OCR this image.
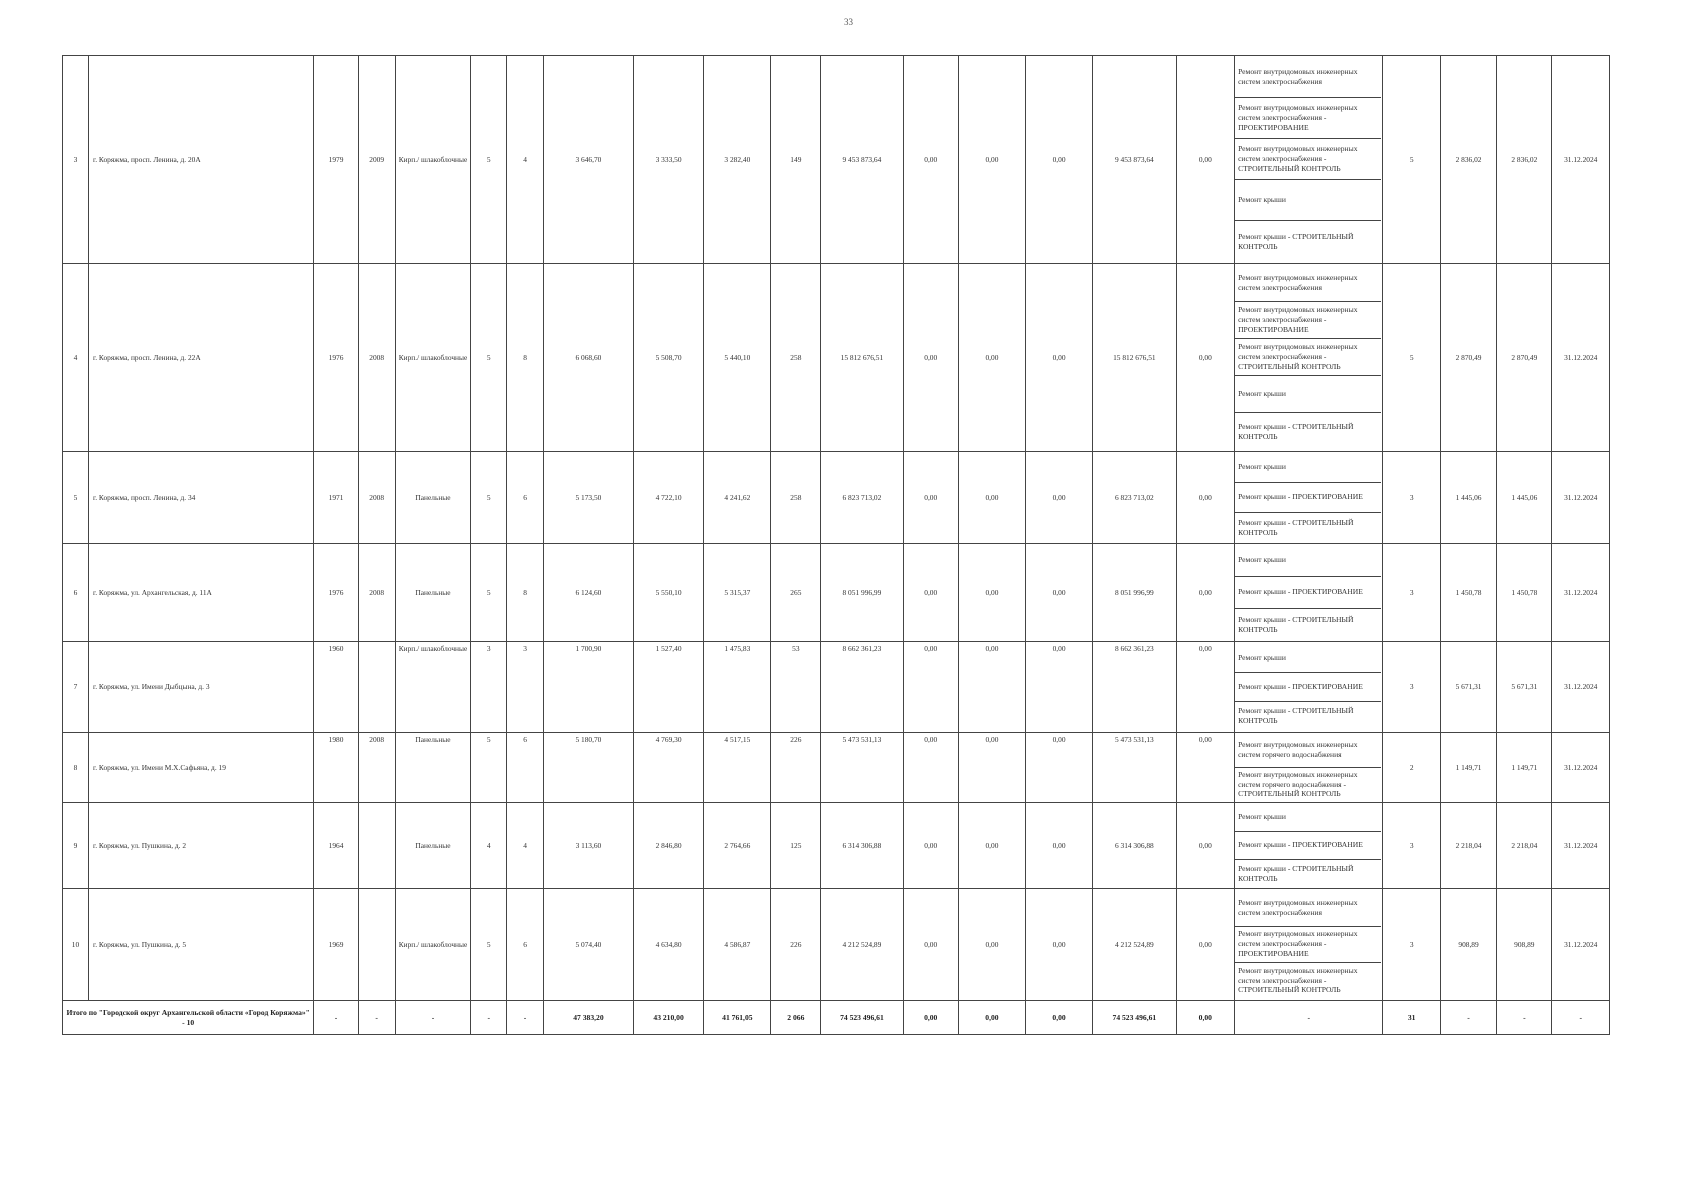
33
3	г. Коряжма, просп. Ленина, д. 20А	1979	2009	Кирп./ шлакоблочные	5	4	3 646,70	3 333,50	3 282,40	149	9 453 873,64	0,00	0,00	0,00	9 453 873,64	0,00	Ремонт внутридомовых инженерных систем электроснабжения
Ремонт внутридомовых инженерных систем электроснабжения - ПРОЕКТИРОВАНИЕ
Ремонт внутридомовых инженерных систем электроснабжения - СТРОИТЕЛЬНЫЙ КОНТРОЛЬ
Ремонт крыши
Ремонт крыши - СТРОИТЕЛЬНЫЙ КОНТРОЛЬ	5	2 836,02	2 836,02	31.12.2024
4	г. Коряжма, просп. Ленина, д. 22А	1976	2008	Кирп./ шлакоблочные	5	8	6 068,60	5 508,70	5 440,10	258	15 812 676,51	0,00	0,00	0,00	15 812 676,51	0,00	Ремонт внутридомовых инженерных систем электроснабжения
Ремонт внутридомовых инженерных систем электроснабжения - ПРОЕКТИРОВАНИЕ
Ремонт внутридомовых инженерных систем электроснабжения - СТРОИТЕЛЬНЫЙ КОНТРОЛЬ
Ремонт крыши
Ремонт крыши - СТРОИТЕЛЬНЫЙ КОНТРОЛЬ	5	2 870,49	2 870,49	31.12.2024
5	г. Коряжма, просп. Ленина, д. 34	1971	2008	Панельные	5	6	5 173,50	4 722,10	4 241,62	258	6 823 713,02	0,00	0,00	0,00	6 823 713,02	0,00	Ремонт крыши
Ремонт крыши - ПРОЕКТИРОВАНИЕ
Ремонт крыши - СТРОИТЕЛЬНЫЙ КОНТРОЛЬ	3	1 445,06	1 445,06	31.12.2024
6	г. Коряжма, ул. Архангельская, д. 11А	1976	2008	Панельные	5	8	6 124,60	5 550,10	5 315,37	265	8 051 996,99	0,00	0,00	0,00	8 051 996,99	0,00	Ремонт крыши
Ремонт крыши - ПРОЕКТИРОВАНИЕ
Ремонт крыши - СТРОИТЕЛЬНЫЙ КОНТРОЛЬ	3	1 450,78	1 450,78	31.12.2024
7	г. Коряжма, ул. Имени Дыбцына, д. 3	1960		Кирп./ шлакоблочные	3	3	1 700,90	1 527,40	1 475,83	53	8 662 361,23	0,00	0,00	0,00	8 662 361,23	0,00	Ремонт крыши
Ремонт крыши - ПРОЕКТИРОВАНИЕ
Ремонт крыши - СТРОИТЕЛЬНЫЙ КОНТРОЛЬ	3	5 671,31	5 671,31	31.12.2024
8	г. Коряжма, ул. Имени М.Х.Сафьяна, д. 19	1980	2008	Панельные	5	6	5 180,70	4 769,30	4 517,15	226	5 473 531,13	0,00	0,00	0,00	5 473 531,13	0,00	Ремонт внутридомовых инженерных систем горячего водоснабжения
Ремонт внутридомовых инженерных систем горячего водоснабжения - СТРОИТЕЛЬНЫЙ КОНТРОЛЬ	2	1 149,71	1 149,71	31.12.2024
9	г. Коряжма, ул. Пушкина, д. 2	1964		Панельные	4	4	3 113,60	2 846,80	2 764,66	125	6 314 306,88	0,00	0,00	0,00	6 314 306,88	0,00	Ремонт крыши
Ремонт крыши - ПРОЕКТИРОВАНИЕ
Ремонт крыши - СТРОИТЕЛЬНЫЙ КОНТРОЛЬ	3	2 218,04	2 218,04	31.12.2024
10	г. Коряжма, ул. Пушкина, д. 5	1969		Кирп./ шлакоблочные	5	6	5 074,40	4 634,80	4 586,87	226	4 212 524,89	0,00	0,00	0,00	4 212 524,89	0,00	Ремонт внутридомовых инженерных систем электроснабжения
Ремонт внутридомовых инженерных систем электроснабжения - ПРОЕКТИРОВАНИЕ
Ремонт внутридомовых инженерных систем электроснабжения - СТРОИТЕЛЬНЫЙ КОНТРОЛЬ	3	908,89	908,89	31.12.2024
Итого по "Городской округ Архангельской области «Город Коряжма»" - 10		-	-	-	-	-	47 383,20	43 210,00	41 761,05	2 066	74 523 496,61	0,00	0,00	0,00	74 523 496,61	0,00	-	31	-	-	-
